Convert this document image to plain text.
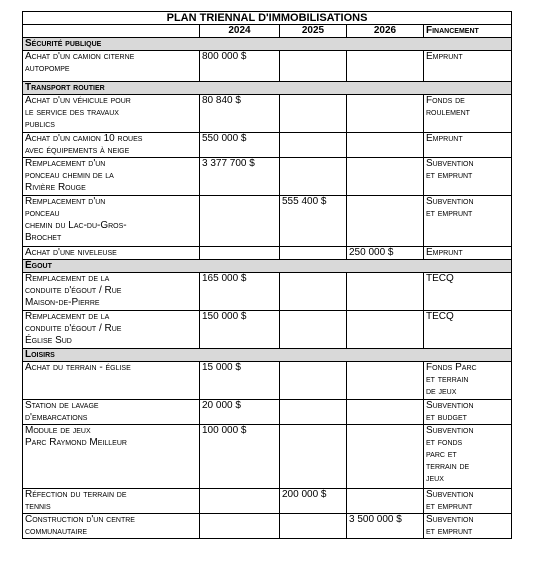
PLAN TRIENNAL D'IMMOBILISATIONS				
	2024	2025	2026	Financement
Sécurité publique				
Achat d'un camion citerne
autopompe	800 000 $			Emprunt
Transport routier				
Achat d'un véhicule pour
le service des travaux
publics	80 840 $			Fonds de
roulement
Achat d'un camion 10 roues
avec équipements à neige	550 000 $			Emprunt
Remplacement d'un
ponceau chemin de la
Rivière Rouge	3 377 700 $			Subvention
et emprunt
Remplacement d'un
ponceau
chemin du Lac-du-Gros-
Brochet		555 400 $		Subvention
et emprunt
Achat d'une niveleuse			250 000 $	Emprunt
Égout				
Remplacement de la
conduite d'égout / Rue
Maison-de-Pierre	165 000 $			TECQ
Remplacement de la
conduite d'égout / Rue
Église Sud	150 000 $			TECQ
Loisirs				
Achat du terrain - église	15 000 $			Fonds Parc
et terrain
de jeux
Station de lavage
d'embarcations	20 000 $			Subvention
et budget
Module de jeux
Parc Raymond Meilleur	100 000 $			Subvention
et fonds
parc et
terrain de
jeux
Réfection du terrain de
tennis		200 000 $		Subvention
et emprunt
Construction d'un centre
communautaire			3 500 000 $	Subvention
et emprunt
